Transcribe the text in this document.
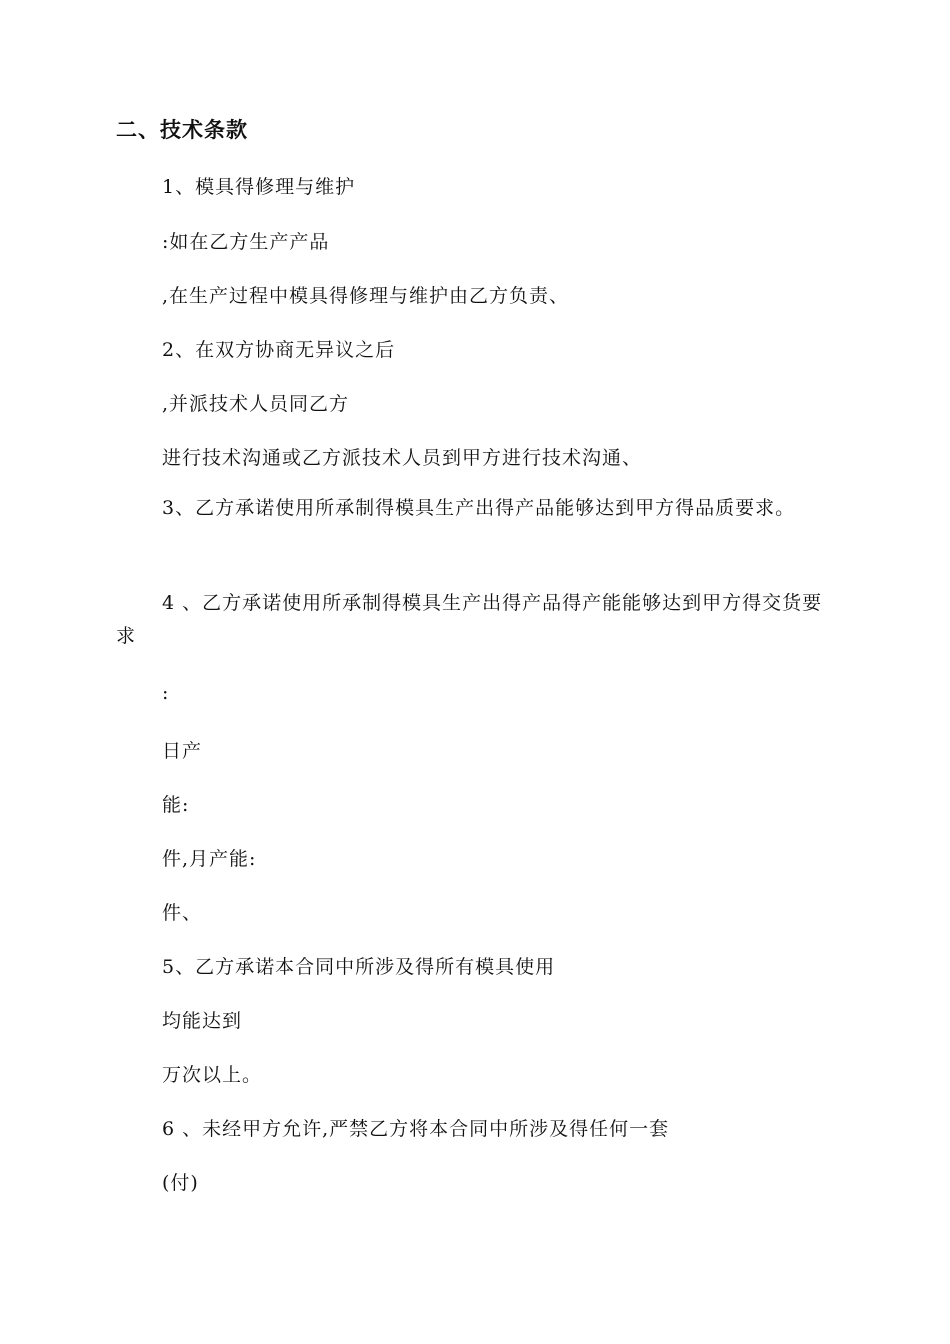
二、技术条款
1、模具得修理与维护
:如在乙方生产产品
,在生产过程中模具得修理与维护由乙方负责、
2、在双方协商无异议之后
,并派技术人员同乙方
进行技术沟通或乙方派技术人员到甲方进行技术沟通、
3、乙方承诺使用所承制得模具生产出得产品能够达到甲方得品质要求。
4 、乙方承诺使用所承制得模具生产出得产品得产能能够达到甲方得交货要求
:
日产
能:
件,月产能:
件、
5、乙方承诺本合同中所涉及得所有模具使用
均能达到
万次以上。
6 、未经甲方允许,严禁乙方将本合同中所涉及得任何一套
(付)
